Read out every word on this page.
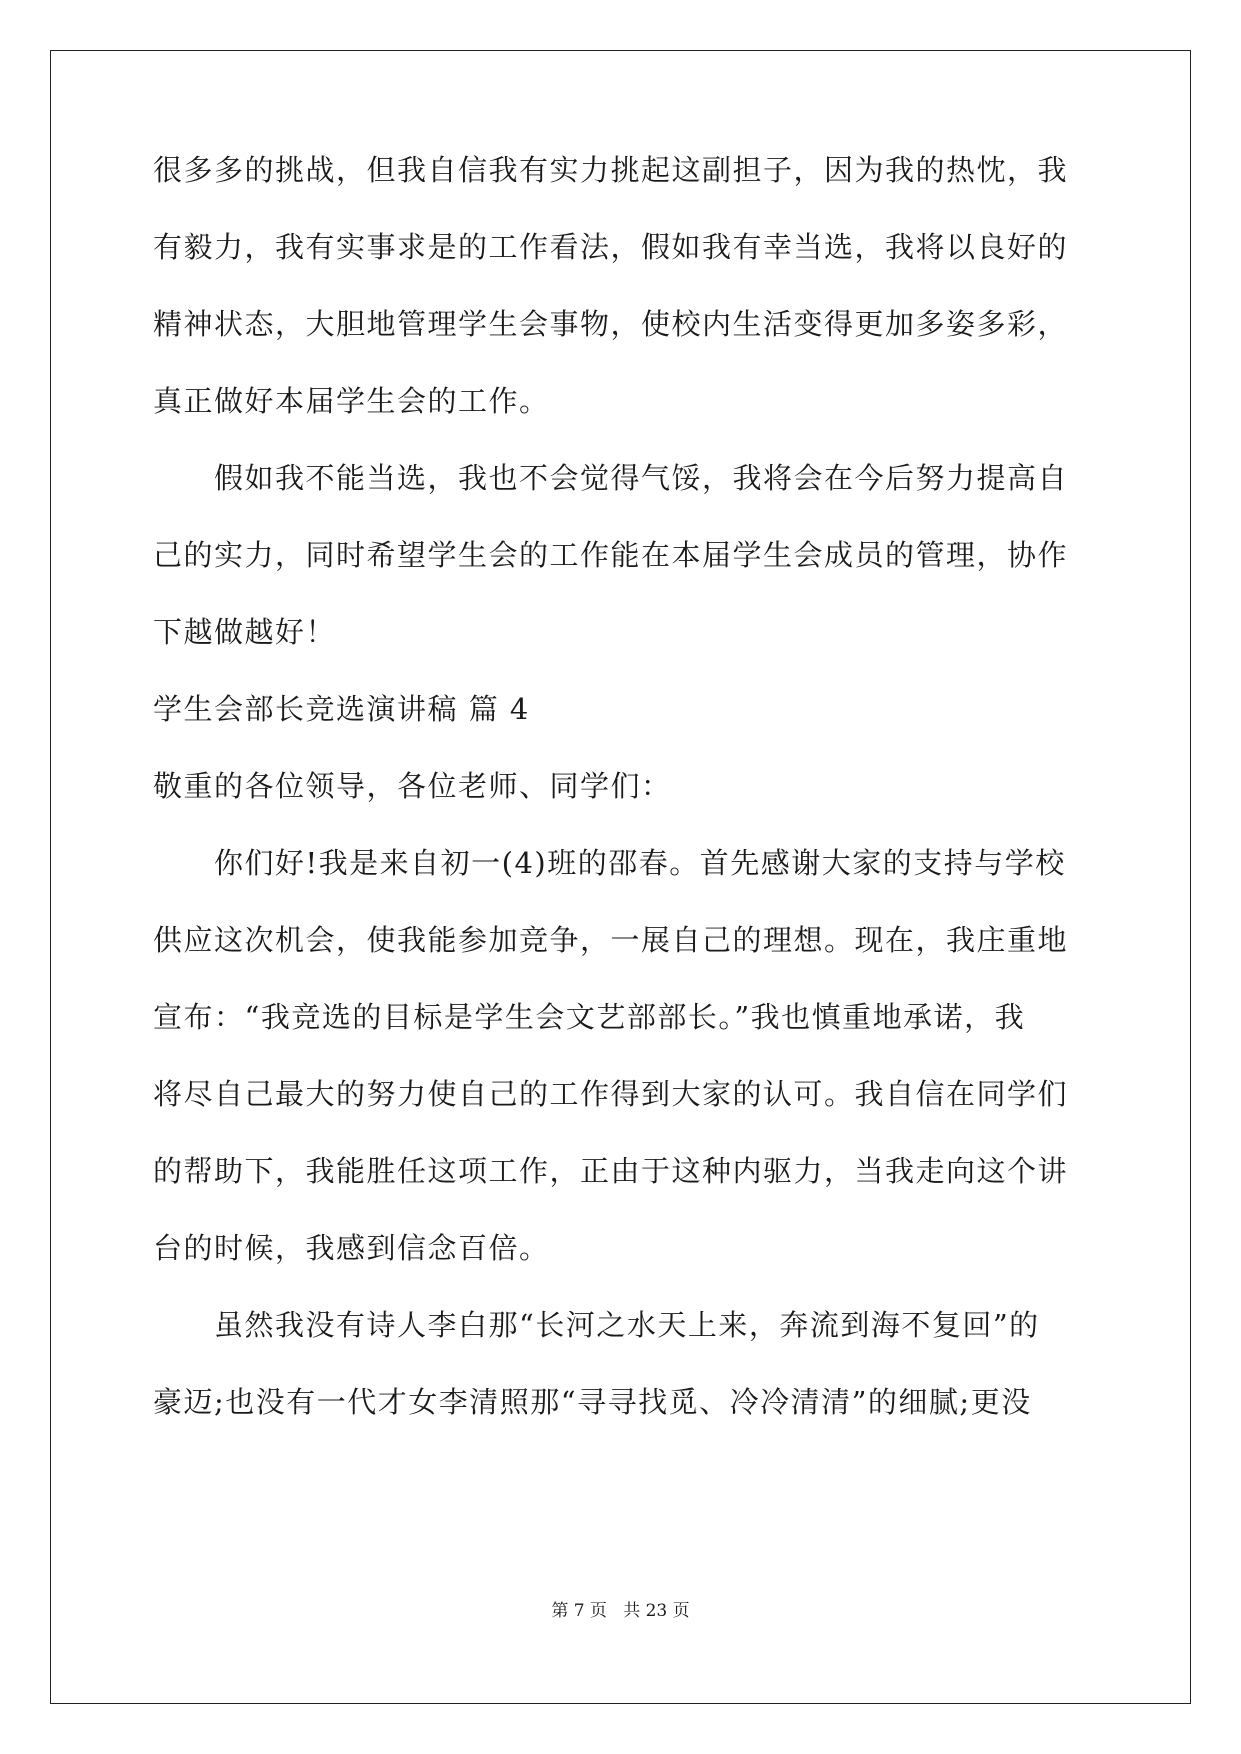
很多多的挑战，但我自信我有实力挑起这副担子，因为我的热忱，我
有毅力，我有实事求是的工作看法，假如我有幸当选，我将以良好的
精神状态，大胆地管理学生会事物，使校内生活变得更加多姿多彩，
真正做好本届学生会的工作。
假如我不能当选，我也不会觉得气馁，我将会在今后努力提高自
己的实力，同时希望学生会的工作能在本届学生会成员的管理，协作
下越做越好！
学生会部长竞选演讲稿 篇 4
敬重的各位领导，各位老师、同学们：
你们好!我是来自初一(4)班的邵春。首先感谢大家的支持与学校
供应这次机会，使我能参加竞争，一展自己的理想。现在，我庄重地
宣布：“我竞选的目标是学生会文艺部部长。”我也慎重地承诺，我
将尽自己最大的努力使自己的工作得到大家的认可。我自信在同学们
的帮助下，我能胜任这项工作，正由于这种内驱力，当我走向这个讲
台的时候，我感到信念百倍。
虽然我没有诗人李白那“长河之水天上来，奔流到海不复回”的
豪迈;也没有一代才女李清照那“寻寻找觅、冷冷清清”的细腻;更没
第 7 页   共 23 页
